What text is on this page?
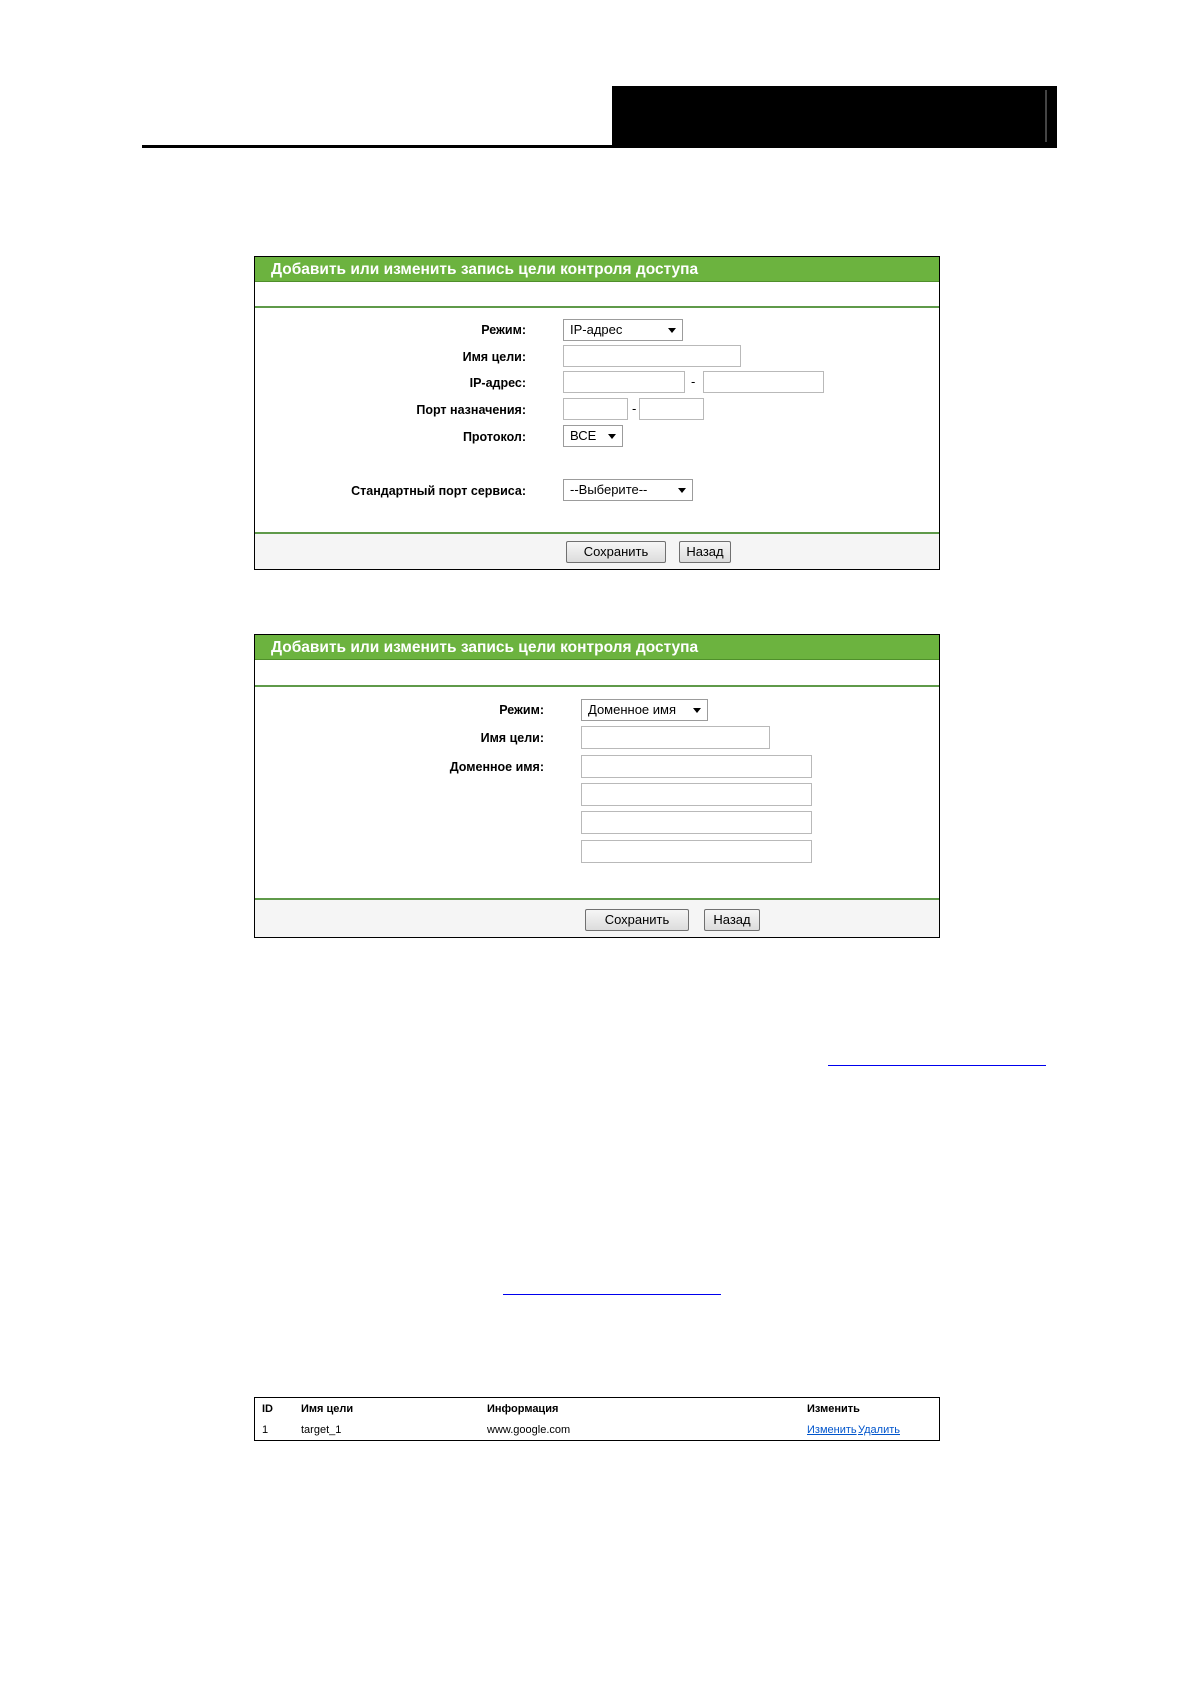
Добавить или изменить запись цели контроля доступа
Режим:	IP-адрес
Имя цели:
IP-адрес:	-
Порт назначения:	-
Протокол:	ВСЕ
Стандартный порт сервиса:	--Выберите--
Сохранить	Назад
Добавить или изменить запись цели контроля доступа
Режим:	Доменное имя
Имя цели:
Доменное имя:
Сохранить	Назад
ID	Имя цели	Информация	Изменить
1	target_1	www.google.com	Изменить Удалить
